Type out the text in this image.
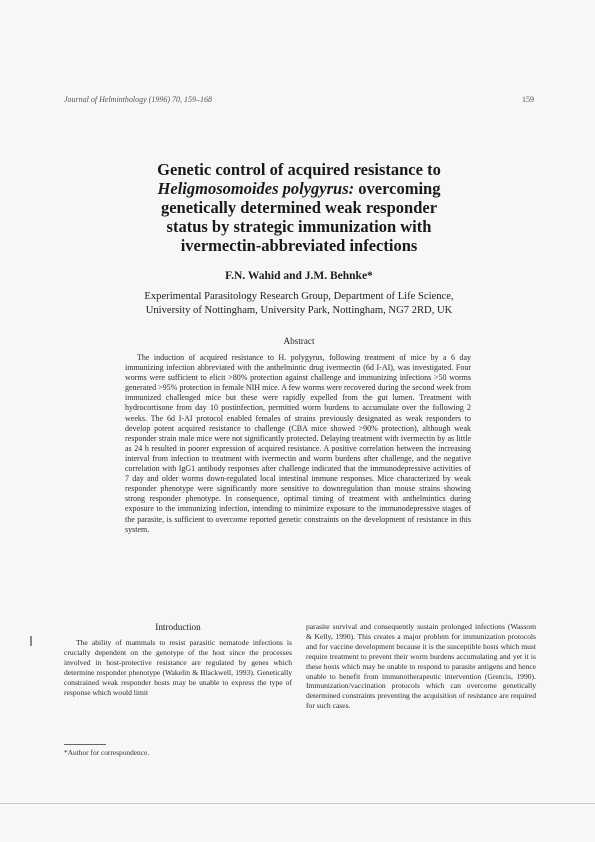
Journal of Helminthology (1996) 70, 159–168	159
Genetic control of acquired resistance to
Heligmosomoides polygyrus: overcoming
genetically determined weak responder
status by strategic immunization with
ivermectin-abbreviated infections
F.N. Wahid and J.M. Behnke*
Experimental Parasitology Research Group, Department of Life Science,
University of Nottingham, University Park, Nottingham, NG7 2RD, UK
Abstract
The induction of acquired resistance to H. polygyrus, following treatment of mice by a 6 day immunizing infection abbreviated with the anthelmintic drug ivermectin (6d I-AI), was investigated. Four worms were sufficient to elicit >80% protection against challenge and immunizing infections >50 worms generated >95% protection in female NIH mice. A few worms were recovered during the second week from immunized challenged mice but these were rapidly expelled from the gut lumen. Treatment with hydrocortisone from day 10 postinfection, permitted worm burdens to accumulate over the following 2 weeks. The 6d I-AI protocol enabled females of strains previously designated as weak responders to develop potent acquired resistance to challenge (CBA mice showed >90% protection), although weak responder strain male mice were not significantly protected. Delaying treatment with ivermectin by as little as 24 h resulted in poorer expression of acquired resistance. A positive correlation between the increasing interval from infection to treatment with ivermectin and worm burdens after challenge, and the negative correlation with IgG1 antibody responses after challenge indicated that the immunodepressive activities of 7 day and older worms down-regulated local intestinal immune responses. Mice characterized by weak responder phenotype were significantly more sensitive to downregulation than mouse strains showing strong responder phenotype. In consequence, optimal timing of treatment with anthelmintics during exposure to the immunizing infection, intending to minimize exposure to the immunodepressive stages of the parasite, is sufficient to overcome reported genetic constraints on the development of resistance in this system.
Introduction
The ability of mammals to resist parasitic nematode infections is crucially dependent on the genotype of the host since the processes involved in host-protective resistance are regulated by genes which determine responder phenotype (Wakelin & Blackwell, 1993). Genetically constrained weak responder hosts may be unable to express the type of response which would limit
parasite survival and consequently sustain prolonged infections (Wassom & Kelly, 1990). This creates a major problem for immunization protocols and for vaccine development because it is the susceptible hosts which must require treatment to prevent their worm burdens accumulating and yet it is these hosts which may be unable to respond to parasite antigens and hence unable to benefit from immunotherapeutic intervention (Grencis, 1990). Immunization/vaccination protocols which can overcome genetically determined constraints preventing the acquisition of resistance are required for such cases.
*Author for correspondence.
